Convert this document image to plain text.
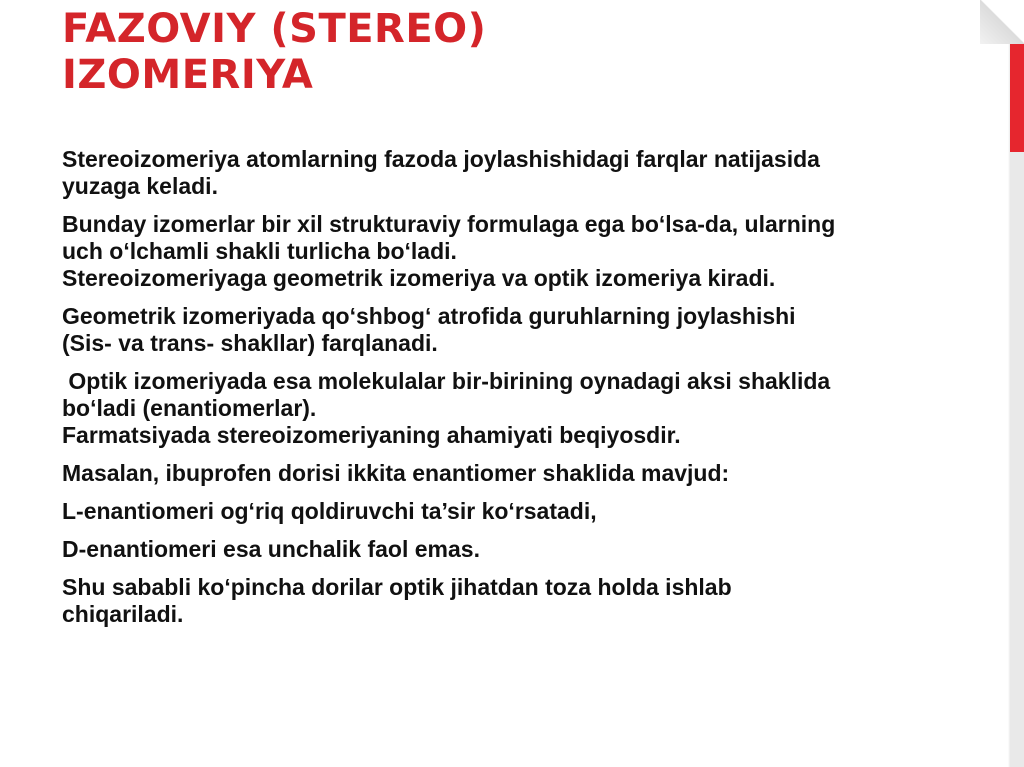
FAZOVIY (STEREO)
IZOMERIYA
Stereoizomeriya atomlarning fazoda joylashishidagi farqlar natijasida
yuzaga keladi.
Bunday izomerlar bir xil strukturaviy formulaga ega bo‘lsa-da, ularning
uch o‘lchamli shakli turlicha bo‘ladi.
Stereoizomeriyaga geometrik izomeriya va optik izomeriya kiradi.
Geometrik izomeriyada qo‘shbog‘ atrofida guruhlarning joylashishi
(Sis- va trans- shakllar) farqlanadi.
Optik izomeriyada esa molekulalar bir-birining oynadagi aksi shaklida
bo‘ladi (enantiomerlar).
Farmatsiyada stereoizomeriyaning ahamiyati beqiyosdir.
Masalan, ibuprofen dorisi ikkita enantiomer shaklida mavjud:
L-enantiomeri og‘riq qoldiruvchi ta’sir ko‘rsatadi,
D-enantiomeri esa unchalik faol emas.
Shu sababli ko‘pincha dorilar optik jihatdan toza holda ishlab
chiqariladi.
